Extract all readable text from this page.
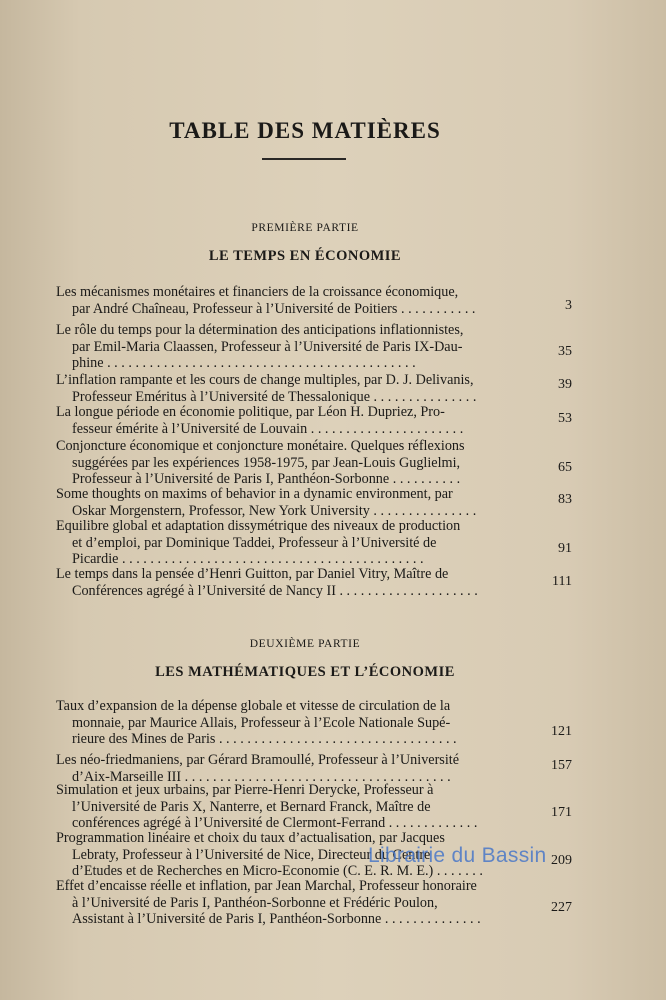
TABLE DES MATIÈRES
PREMIÈRE PARTIE
LE TEMPS EN ÉCONOMIE
Les mécanismes monétaires et financiers de la croissance économique,
par André Chaîneau, Professeur à l’Université de Poitiers . . . . . . . . . . .	3
Le rôle du temps pour la détermination des anticipations inflationnistes,
par Emil-Maria Claassen, Professeur à l’Université de Paris IX-Dau-
phine . . . . . . . . . . . . . . . . . . . . . . . . . . . . . . . . . . . . . . . . . . . .
35
L’inflation rampante et les cours de change multiples, par D. J. Delivanis,
Professeur Eméritus à l’Université de Thessalonique . . . . . . . . . . . . . . .
39
La longue période en économie politique, par Léon H. Dupriez, Pro-
fesseur émérite à l’Université de Louvain . . . . . . . . . . . . . . . . . . . . . .
53
Conjoncture économique et conjoncture monétaire. Quelques réflexions
suggérées par les expériences 1958-1975, par Jean-Louis Guglielmi,
Professeur à l’Université de Paris I, Panthéon-Sorbonne . . . . . . . . . .
65
Some thoughts on maxims of behavior in a dynamic environment, par
Oskar Morgenstern, Professor, New York University . . . . . . . . . . . . . . .
83
Equilibre global et adaptation dissymétrique des niveaux de production
et d’emploi, par Dominique Taddei, Professeur à l’Université de
Picardie . . . . . . . . . . . . . . . . . . . . . . . . . . . . . . . . . . . . . . . . . . .
91
Le temps dans la pensée d’Henri Guitton, par Daniel Vitry, Maître de
Conférences agrégé à l’Université de Nancy II . . . . . . . . . . . . . . . . . . . .
111
DEUXIÈME PARTIE
LES MATHÉMATIQUES ET L’ÉCONOMIE
Taux d’expansion de la dépense globale et vitesse de circulation de la
monnaie, par Maurice Allais, Professeur à l’Ecole Nationale Supé-
rieure des Mines de Paris . . . . . . . . . . . . . . . . . . . . . . . . . . . . . . . . . .	121
Les néo-friedmaniens, par Gérard Bramoullé, Professeur à l’Université
d’Aix-Marseille III . . . . . . . . . . . . . . . . . . . . . . . . . . . . . . . . . . . . . .
157
Simulation et jeux urbains, par Pierre-Henri Derycke, Professeur à
l’Université de Paris X, Nanterre, et Bernard Franck, Maître de
conférences agrégé à l’Université de Clermont-Ferrand . . . . . . . . . . . . .
171
Programmation linéaire et choix du taux d’actualisation, par Jacques
Lebraty, Professeur à l’Université de Nice, Directeur du Centre
d’Etudes et de Recherches en Micro-Economie (C. E. R. M. E.) . . . . . . .
209
Effet d’encaisse réelle et inflation, par Jean Marchal, Professeur honoraire
à l’Université de Paris I, Panthéon-Sorbonne et Frédéric Poulon,
Assistant à l’Université de Paris I, Panthéon-Sorbonne . . . . . . . . . . . . . .
227
Librairie du Bassin
